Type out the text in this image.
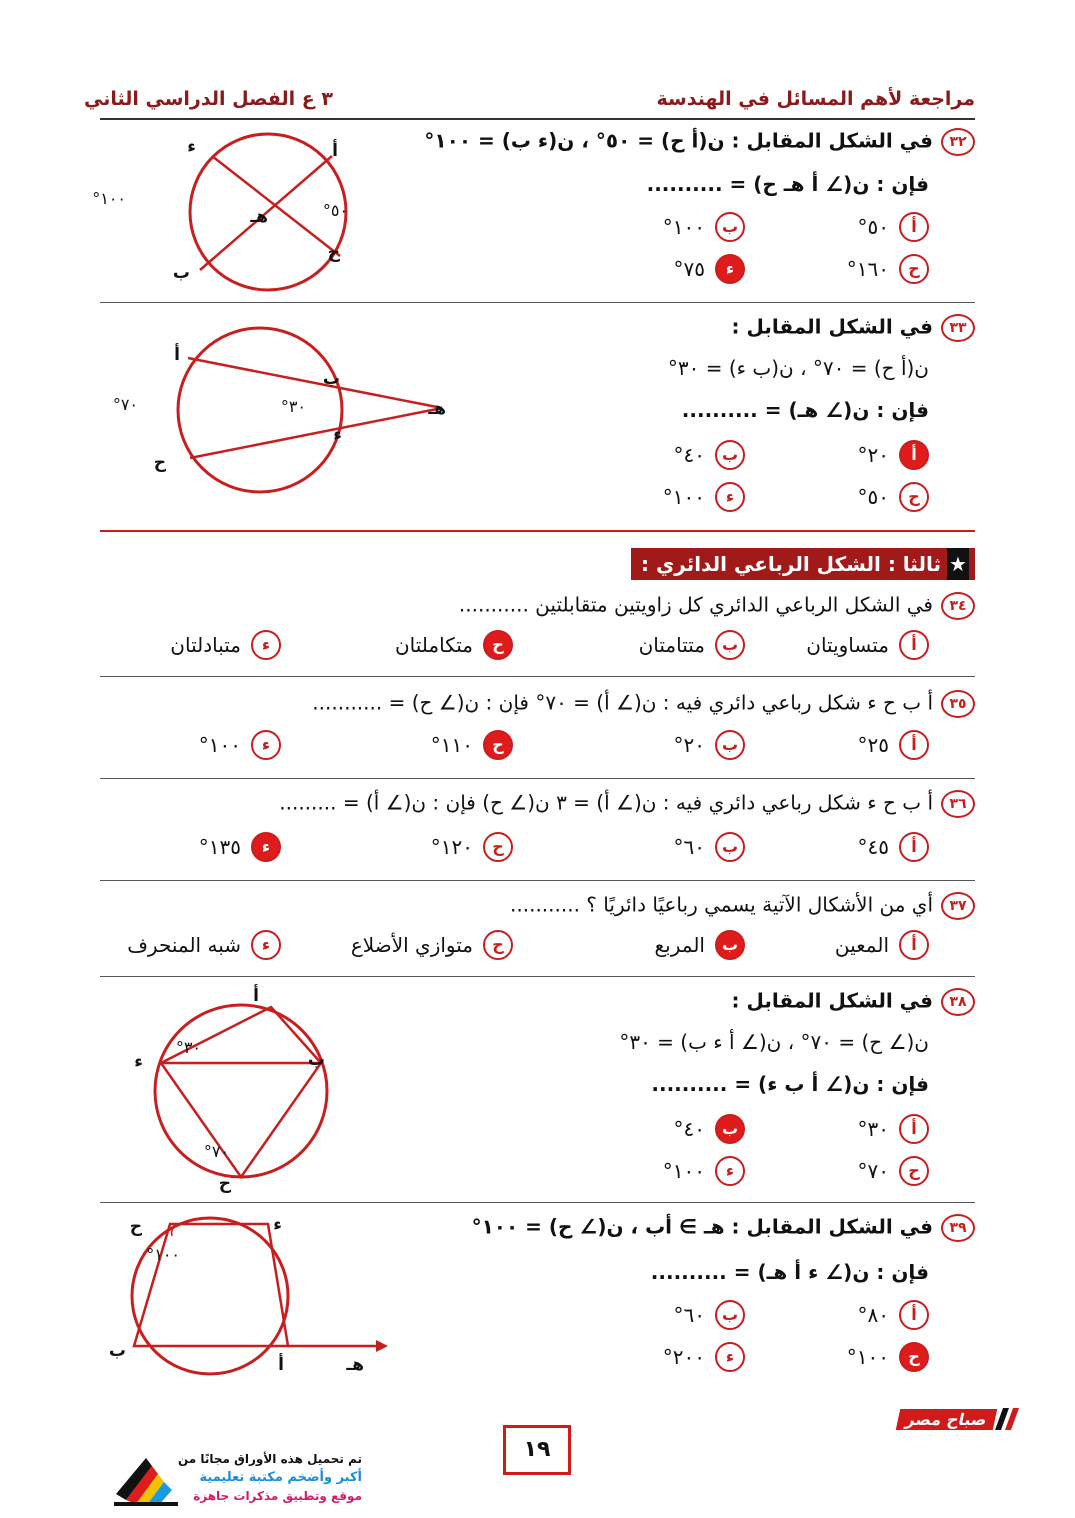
مراجعة لأهم المسائل في الهندسة
٣ ع الفصل الدراسي الثاني
٣٢في الشكل المقابل : ن(أ ح) = ٥٠° ، ن(ء ب) = ١٠٠°
فإن : ن(∠ أ هـ ح) = ..........
أ
٥٠°
ب
١٠٠°
ح
١٦٠°
ء
٧٥°
أ
ب
ح
ء
هـ	٥٠°
١٠٠°
٣٣في الشكل المقابل :
ن(أ ح) = ٧٠° ، ن(ب ء) = ٣٠°
فإن : ن(∠ هـ) = ..........
أ
٢٠°
ب
٤٠°
ح
٥٠°
ء
١٠٠°
أ
ب
ح
ء
هـ
٧٠°	٣٠°
★ثالثا : الشكل الرباعي الدائري :
٣٤في الشكل الرباعي الدائري كل زاويتين متقابلتين ...........
أ
متساويتان
ب
متتامتان
ح
متكاملتان
ء
متبادلتان
٣٥أ ب ح ء شكل رباعي دائري فيه : ن(∠ أ) = ٧٠° فإن : ن(∠ ح) = ...........
أ
٢٥°
ب
٢٠°
ح
١١٠°
ء
١٠٠°
٣٦أ ب ح ء شكل رباعي دائري فيه : ن(∠ أ) = ٣ ن(∠ ح) فإن : ن(∠ أ) = .........
أ
٤٥°
ب
٦٠°
ح
١٢٠°
ء
١٣٥°
٣٧أي من الأشكال الآتية يسمي رباعيًا دائريًا ؟ ...........
أ
المعين
ب
المربع
ح
متوازي الأضلاع
ء
شبه المنحرف
٣٨في الشكل المقابل :
ن(∠ ح) = ٧٠° ، ن(∠ أ ء ب) = ٣٠°
فإن : ن(∠ أ ب ء) = ..........
أ
٣٠°
ب
٤٠°
ح
٧٠°
ء
١٠٠°
أ
ب
ح
ء
٣٠°
٧٠°
٣٩في الشكل المقابل : هـ ∋ أب ، ن(∠ ح) = ١٠٠°
فإن : ن(∠ ء أ هـ) = ..........
أ
٨٠°
ب
٦٠°
ح
١٠٠°
ء
٢٠٠°
ح	ء
ب
أ	هـ
١٠٠°
١٩
صباح مصر
تم تحميل هذه الأوراق مجانًا من
أكبر وأضخم مكتبة تعليمية
موقع وتطبيق مذكرات جاهزة
